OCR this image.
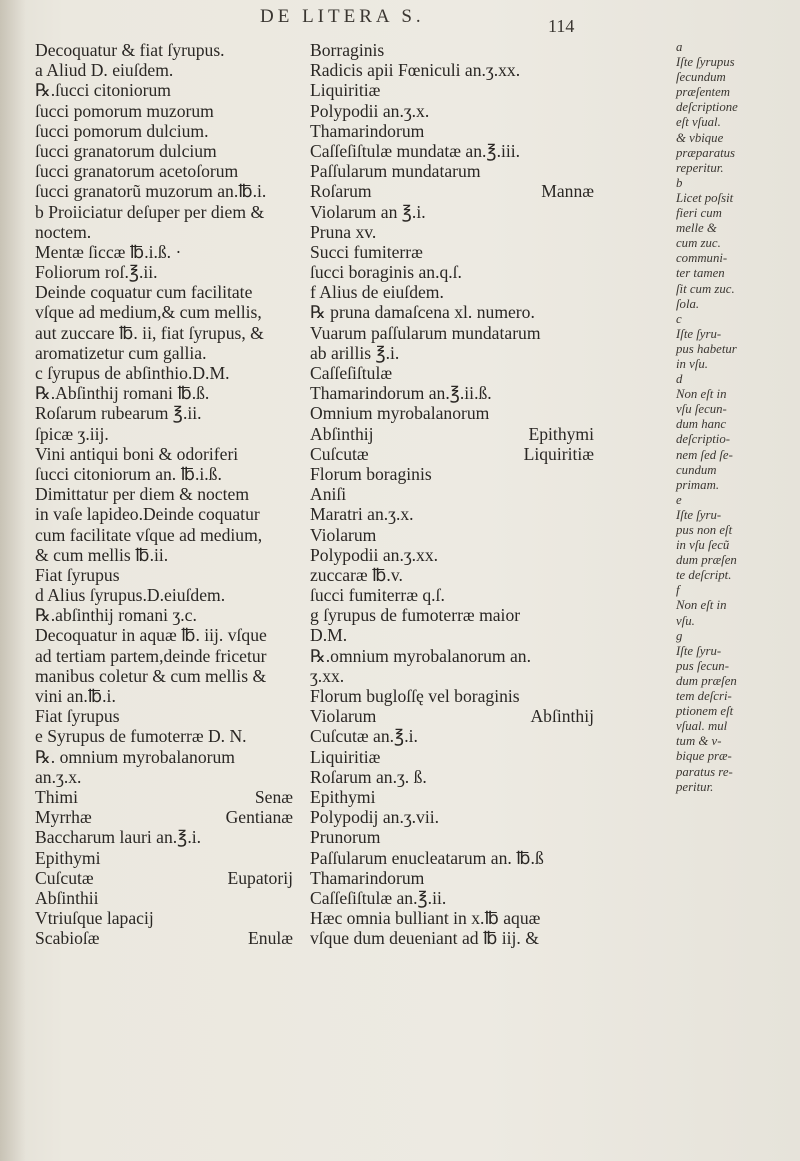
DE LITERA S.	114
Decoquatur & fiat ſyrupus.
a Aliud D. eiuſdem.
℞.ſucci citoniorum
ſucci pomorum muzorum
ſucci pomorum dulcium.
ſucci granatorum dulcium
ſucci granatorum acetoſorum
ſucci granatorũ muzorum an.℔.i.
b Proiiciatur deſuper per diem &
noctem.
Mentæ ſiccæ ℔.i.ß. ·
Foliorum roſ.℥.ii.
Deinde coquatur cum facilitate
vſque ad medium,& cum mellis,
aut zuccare ℔. ii, fiat ſyrupus, &
aromatizetur cum gallia.
c ſyrupus de abſinthio.D.M.
℞.Abſinthij romani ℔.ß.
Roſarum rubearum ℥.ii.
ſpicæ ʒ.iij.
Vini antiqui boni & odoriferi
ſucci citoniorum an. ℔.i.ß.
Dimittatur per diem & noctem
in vaſe lapideo.Deinde coquatur
cum facilitate vſque ad medium,
& cum mellis ℔.ii.
Fiat ſyrupus
d Alius ſyrupus.D.eiuſdem.
℞.abſinthij romani ʒ.c.
Decoquatur in aquæ ℔. iij. vſque
ad tertiam partem,deinde fricetur
manibus coletur & cum mellis &
vini an.℔.i.
Fiat ſyrupus
e Syrupus de fumoterræ D. N.
℞. omnium myrobalanorum
an.ʒ.x.
Thimi	Senæ
Myrrhæ	Gentianæ
Baccharum lauri an.℥.i.
Epithymi
Cuſcutæ	Eupatorij
Abſinthii
Vtriuſque lapacij
Scabioſæ	Enulæ
Borraginis
Radicis apii Fœniculi an.ʒ.xx.
Liquiritiæ
Polypodii an.ʒ.x.
Thamarindorum
Caſſeſiſtulæ mundatæ an.℥.iii.
Paſſularum mundatarum
Roſarum	Mannæ
Violarum an ℥.i.
Pruna xv.
Succi fumiterræ
ſucci boraginis an.q.ſ.
f Alius de eiuſdem.
℞ pruna damaſcena xl. numero.
Vuarum paſſularum mundatarum
ab arillis ℥.i.
Caſſeſiſtulæ
Thamarindorum an.℥.ii.ß.
Omnium myrobalanorum
Abſinthij	Epithymi
Cuſcutæ	Liquiritiæ
Florum boraginis
Aniſi
Maratri an.ʒ.x.
Violarum
Polypodii an.ʒ.xx.
zuccaræ ℔.v.
ſucci fumiterræ q.ſ.
g ſyrupus de fumoterræ maior
D.M.
℞.omnium myrobalanorum an.
ʒ.xx.
Florum bugloſſę vel boraginis
Violarum	Abſinthij
Cuſcutæ an.℥.i.
Liquiritiæ
Roſarum an.ʒ. ß.
Epithymi
Polypodij an.ʒ.vii.
Prunorum
Paſſularum enucleatarum an. ℔.ß
Thamarindorum
Caſſeſiſtulæ an.℥.ii.
Hæc omnia bulliant in x.℔ aquæ
vſque dum deueniant ad ℔ iij. &
a
Iſte ſyrupus
ſecundum
præſentem
deſcriptione
eſt vſual.
& vbique
præparatus
reperitur.
b
Licet poſsit
fieri cum
melle &
cum zuc.
communi-
ter tamen
ſit cum zuc.
ſola.
c
Iſte ſyru-
pus habetur
in vſu.
d
Non eſt in
vſu ſecun-
dum hanc
deſcriptio-
nem ſed ſe-
cundum
primam.
e
Iſte ſyru-
pus non eſt
in vſu ſecũ
dum præſen
te deſcript.
f
Non eſt in
vſu.
g
Iſte ſyru-
pus ſecun-
dum præſen
tem deſcri-
ptionem eſt
vſual. mul
tum & v-
bique præ-
paratus re-
peritur.
